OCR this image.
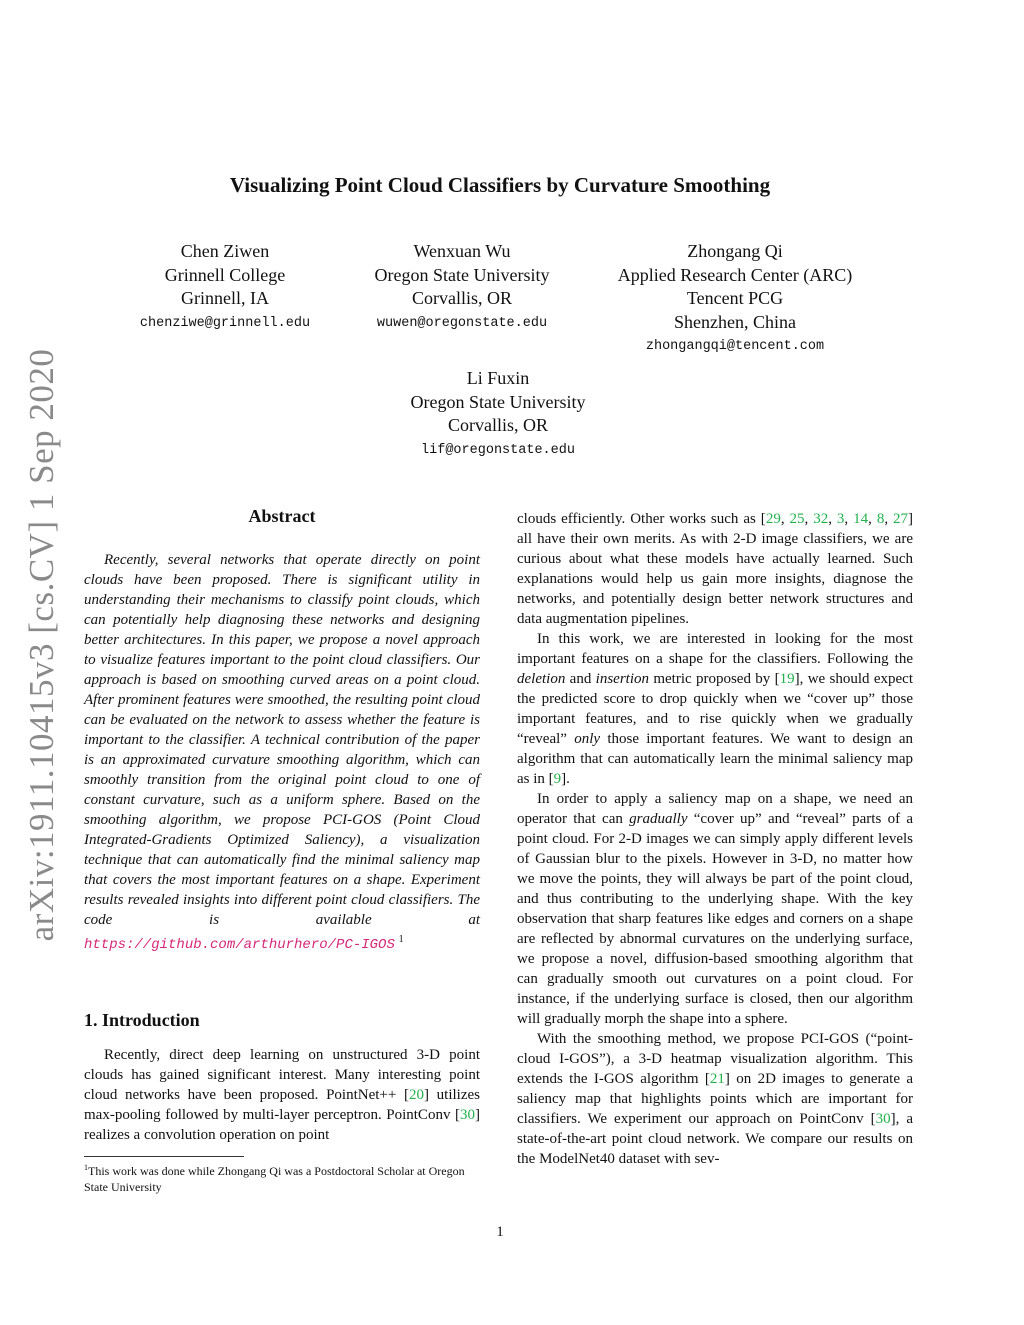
arXiv:1911.10415v3 [cs.CV] 1 Sep 2020
Visualizing Point Cloud Classifiers by Curvature Smoothing
Chen Ziwen
Grinnell College
Grinnell, IA
chenziwe@grinnell.edu
Wenxuan Wu
Oregon State University
Corvallis, OR
wuwen@oregonstate.edu
Zhongang Qi
Applied Research Center (ARC)
Tencent PCG
Shenzhen, China
zhongangqi@tencent.com
Li Fuxin
Oregon State University
Corvallis, OR
lif@oregonstate.edu
Abstract

Recently, several networks that operate directly on point clouds have been proposed. There is significant utility in understanding their mechanisms to classify point clouds, which can potentially help diagnosing these networks and designing better architectures. In this paper, we propose a novel approach to visualize features important to the point cloud classifiers. Our approach is based on smoothing curved areas on a point cloud. After prominent features were smoothed, the resulting point cloud can be evaluated on the network to assess whether the feature is important to the classifier. A technical contribution of the paper is an approximated curvature smoothing algorithm, which can smoothly transition from the original point cloud to one of constant curvature, such as a uniform sphere. Based on the smoothing algorithm, we propose PCI-GOS (Point Cloud Integrated-Gradients Optimized Saliency), a visualization technique that can automatically find the minimal saliency map that covers the most important features on a shape. Experiment results revealed insights into different point cloud classifiers. The code is available at https://github.com/arthurhero/PC-IGOS $^1$

1. Introduction

Recently, direct deep learning on unstructured 3-D point clouds has gained significant interest. Many interesting point cloud networks have been proposed. PointNet++ [20] utilizes max-pooling followed by multi-layer perceptron. PointConv [30] realizes a convolution operation on point

$^1$This work was done while Zhongang Qi was a Postdoctoral Scholar at Oregon State University

clouds efficiently. Other works such as [29, 25, 32, 3, 14, 8, 27] all have their own merits. As with 2-D image classifiers, we are curious about what these models have actually learned. Such explanations would help us gain more insights, diagnose the networks, and potentially design better network structures and data augmentation pipelines.

In this work, we are interested in looking for the most important features on a shape for the classifiers. Following the deletion and insertion metric proposed by [19], we should expect the predicted score to drop quickly when we “cover up” those important features, and to rise quickly when we gradually “reveal” only those important features. We want to design an algorithm that can automatically learn the minimal saliency map as in [9].

In order to apply a saliency map on a shape, we need an operator that can gradually “cover up” and “reveal” parts of a point cloud. For 2-D images we can simply apply different levels of Gaussian blur to the pixels. However in 3-D, no matter how we move the points, they will always be part of the point cloud, and thus contributing to the underlying shape. With the key observation that sharp features like edges and corners on a shape are reflected by abnormal curvatures on the underlying surface, we propose a novel, diffusion-based smoothing algorithm that can gradually smooth out curvatures on a point cloud. For instance, if the underlying surface is closed, then our algorithm will gradually morph the shape into a sphere.

With the smoothing method, we propose PCI-GOS (“point-cloud I-GOS”), a 3-D heatmap visualization algorithm. This extends the I-GOS algorithm [21] on 2D images to generate a saliency map that highlights points which are important for classifiers. We experiment our approach on PointConv [30], a state-of-the-art point cloud network. We compare our results on the ModelNet40 dataset with sev-

1
